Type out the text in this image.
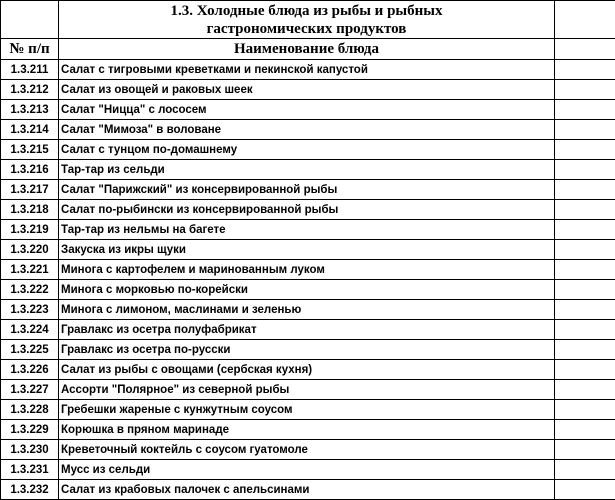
	1.3. Холодные блюда из рыбы и рыбных
гастрономических продуктов	

№ п/п	Наименование блюда	
1.3.211	Салат с тигровыми креветками и пекинской капустой	
1.3.212	Салат из овощей и раковых шеек	
1.3.213	Салат "Ницца" с лососем	
1.3.214	Салат "Мимоза" в воловане	
1.3.215	Салат с тунцом по-домашнему	
1.3.216	Тар-тар из сельди	
1.3.217	Салат "Парижский" из консервированной рыбы	
1.3.218	Салат по-рыбински из консервированной рыбы	
1.3.219	Тар-тар из нельмы на багете	
1.3.220	Закуска из икры щуки	
1.3.221	Минога с картофелем и маринованным луком	
1.3.222	Минога с морковью по-корейски	
1.3.223	Минога с лимоном, маслинами и зеленью	
1.3.224	Гравлакс из осетра полуфабрикат	
1.3.225	Гравлакс из осетра по-русски	
1.3.226	Салат из рыбы с овощами (сербская кухня)	
1.3.227	Ассорти "Полярное" из северной рыбы	
1.3.228	Гребешки жареные с кунжутным соусом	
1.3.229	Корюшка в пряном маринаде	
1.3.230	Креветочный коктейль с соусом гуатомоле	
1.3.231	Мусс из сельди	
1.3.232	Салат из крабовых палочек с апельсинами	
